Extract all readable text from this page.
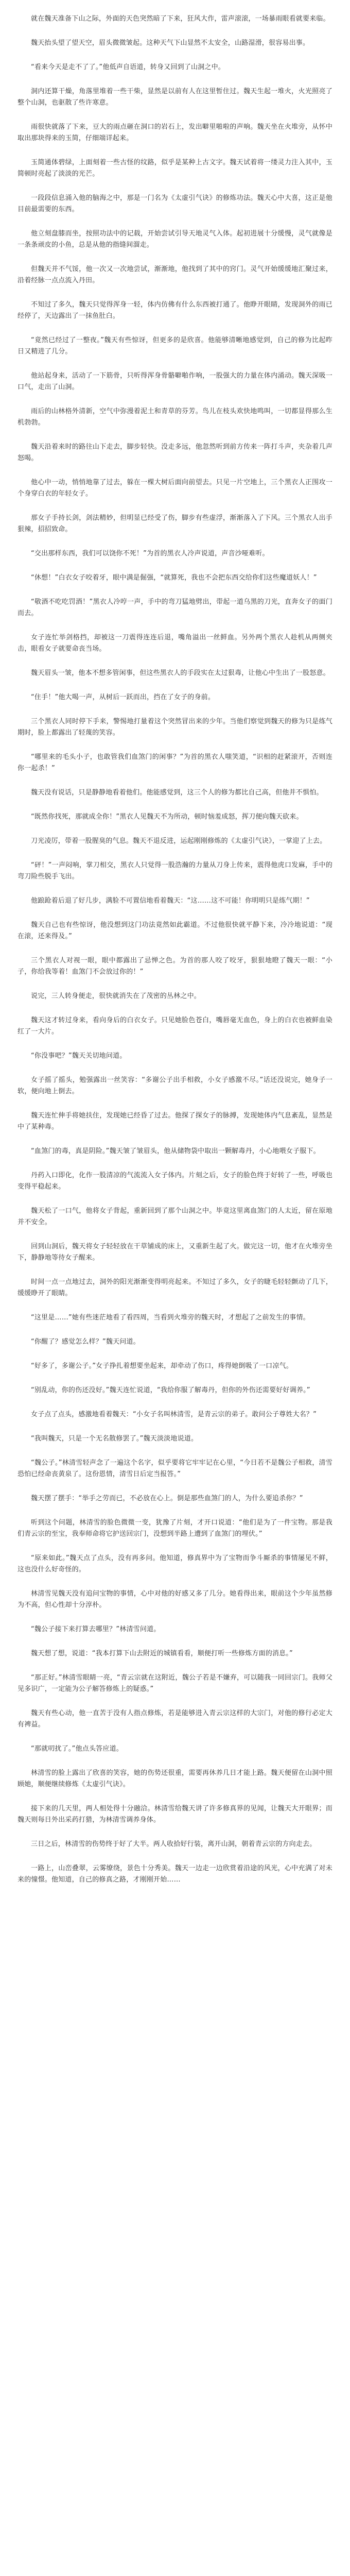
就在魏天准备下山之际，外面的天色突然暗了下来，狂风大作，雷声滚滚，一场暴雨眼看就要来临。

魏天抬头望了望天空，眉头微微皱起。这种天气下山显然不太安全，山路湿滑，很容易出事。

“看来今天是走不了了。”他低声自语道，转身又回到了山洞之中。

洞内还算干燥，角落里堆着一些干柴，显然是以前有人在这里暂住过。魏天生起一堆火，火光照亮了整个山洞，也驱散了些许寒意。

雨很快就落了下来，豆大的雨点砸在洞口的岩石上，发出噼里啪啦的声响。魏天坐在火堆旁，从怀中取出那块得来的玉简，仔细端详起来。

玉简通体碧绿，上面刻着一些古怪的纹路，似乎是某种上古文字。魏天试着将一缕灵力注入其中，玉简顿时亮起了淡淡的光芒。

一段段信息涌入他的脑海之中，那是一门名为《太虚引气诀》的修炼功法。魏天心中大喜，这正是他目前最需要的东西。

他立刻盘膝而坐，按照功法中的记载，开始尝试引导天地灵气入体。起初进展十分缓慢，灵气就像是一条条顽皮的小鱼，总是从他的指缝间溜走。

但魏天并不气馁，他一次又一次地尝试，渐渐地，他找到了其中的窍门。灵气开始缓缓地汇聚过来，沿着经脉一点点流入丹田。

不知过了多久，魏天只觉得浑身一轻，体内仿佛有什么东西被打通了。他睁开眼睛，发现洞外的雨已经停了，天边露出了一抹鱼肚白。

“竟然已经过了一整夜。”魏天有些惊讶，但更多的是欣喜。他能够清晰地感觉到，自己的修为比起昨日又精进了几分。

他站起身来，活动了一下筋骨，只听得浑身骨骼噼啪作响，一股强大的力量在体内涌动。魏天深吸一口气，走出了山洞。

雨后的山林格外清新，空气中弥漫着泥土和青草的芬芳。鸟儿在枝头欢快地鸣叫，一切都显得那么生机勃勃。

魏天沿着来时的路往山下走去，脚步轻快。没走多远，他忽然听到前方传来一阵打斗声，夹杂着几声怒喝。

他心中一动，悄悄地靠了过去，躲在一棵大树后面向前望去。只见一片空地上，三个黑衣人正围攻一个身穿白衣的年轻女子。

那女子手持长剑，剑法精妙，但明显已经受了伤，脚步有些虚浮，渐渐落入了下风。三个黑衣人出手狠辣，招招致命。

“交出那样东西，我们可以饶你不死！”为首的黑衣人冷声说道，声音沙哑难听。

“休想！”白衣女子咬着牙，眼中满是倔强，“就算死，我也不会把东西交给你们这些魔道妖人！”

“敬酒不吃吃罚酒！”黑衣人冷哼一声，手中的弯刀猛地劈出，带起一道乌黑的刀光，直奔女子的面门而去。

女子连忙举剑格挡，却被这一刀震得连连后退，嘴角溢出一丝鲜血。另外两个黑衣人趁机从两侧夹击，眼看女子就要命丧当场。

魏天眉头一皱，他本不想多管闲事，但这些黑衣人的手段实在太过狠毒，让他心中生出了一股怒意。

“住手！”他大喝一声，从树后一跃而出，挡在了女子的身前。

三个黑衣人同时停下手来，警惕地打量着这个突然冒出来的少年。当他们察觉到魏天的修为只是练气期时，脸上都露出了轻蔑的笑容。

“哪里来的毛头小子，也敢管我们血煞门的闲事？”为首的黑衣人嗤笑道，“识相的赶紧滚开，否则连你一起杀！”

魏天没有说话，只是静静地看着他们。他能感觉到，这三个人的修为都比自己高，但他并不惧怕。

“既然你找死，那就成全你！”黑衣人见魏天不为所动，顿时恼羞成怒，挥刀便向魏天砍来。

刀光凌厉，带着一股腥臭的气息。魏天不退反进，运起刚刚修炼的《太虚引气诀》，一掌迎了上去。

“砰！”一声闷响，掌刀相交，黑衣人只觉得一股浩瀚的力量从刀身上传来，震得他虎口发麻，手中的弯刀险些脱手飞出。

他踉跄着后退了好几步，满脸不可置信地看着魏天：“这……这不可能！你明明只是练气期！”

魏天自己也有些惊讶，他没想到这门功法竟然如此霸道。不过他很快就平静下来，冷冷地说道：“现在滚，还来得及。”

三个黑衣人对视一眼，眼中都露出了忌惮之色。为首的那人咬了咬牙，狠狠地瞪了魏天一眼：“小子，你给我等着！血煞门不会放过你的！”

说完，三人转身便走，很快就消失在了茂密的丛林之中。

魏天这才转过身来，看向身后的白衣女子。只见她脸色苍白，嘴唇毫无血色，身上的白衣也被鲜血染红了一大片。

“你没事吧？”魏天关切地问道。

女子摇了摇头，勉强露出一丝笑容：“多谢公子出手相救，小女子感激不尽。”话还没说完，她身子一软，便向地上倒去。

魏天连忙伸手将她扶住，发现她已经昏了过去。他探了探女子的脉搏，发现她体内气息紊乱，显然是中了某种毒。

“血煞门的毒，真是阴险。”魏天皱了皱眉头，他从储物袋中取出一颗解毒丹，小心地喂女子服下。

丹药入口即化，化作一股清凉的气流流入女子体内。片刻之后，女子的脸色终于好转了一些，呼吸也变得平稳起来。

魏天松了一口气，他将女子背起，重新回到了那个山洞之中。毕竟这里离血煞门的人太近，留在原地并不安全。

回到山洞后，魏天将女子轻轻放在干草铺成的床上，又重新生起了火。做完这一切，他才在火堆旁坐下，静静地等待女子醒来。

时间一点一点地过去，洞外的阳光渐渐变得明亮起来。不知过了多久，女子的睫毛轻轻颤动了几下，缓缓睁开了眼睛。

“这里是……”她有些迷茫地看了看四周，当看到火堆旁的魏天时，才想起了之前发生的事情。

“你醒了？感觉怎么样？”魏天问道。

“好多了，多谢公子。”女子挣扎着想要坐起来，却牵动了伤口，疼得她倒吸了一口凉气。

“别乱动，你的伤还没好。”魏天连忙说道，“我给你服了解毒丹，但你的外伤还需要好好调养。”

女子点了点头，感激地看着魏天：“小女子名叫林清雪，是青云宗的弟子。敢问公子尊姓大名？”

“我叫魏天，只是一个无名散修罢了。”魏天淡淡地说道。

“魏公子。”林清雪轻声念了一遍这个名字，似乎要将它牢牢记在心里，“今日若不是魏公子相救，清雪恐怕已经命丧黄泉了。这份恩情，清雪日后定当报答。”

魏天摆了摆手：“举手之劳而已，不必放在心上。倒是那些血煞门的人，为什么要追杀你？”

听到这个问题，林清雪的脸色微微一变，犹豫了片刻，才开口说道：“他们是为了一件宝物。那是我们青云宗的至宝，我奉师命将它护送回宗门，没想到半路上遭到了血煞门的埋伏。”

“原来如此。”魏天点了点头，没有再多问。他知道，修真界中为了宝物而争斗厮杀的事情屡见不鲜，这也没什么好奇怪的。

林清雪见魏天没有追问宝物的事情，心中对他的好感又多了几分。她看得出来，眼前这个少年虽然修为不高，但心性却十分淳朴。

“魏公子接下来打算去哪里？”林清雪问道。

魏天想了想，说道：“我本打算下山去附近的城镇看看，顺便打听一些修炼方面的消息。”

“那正好。”林清雪眼睛一亮，“青云宗就在这附近，魏公子若是不嫌弃，可以随我一同回宗门。我师父见多识广，一定能为公子解答修炼上的疑惑。”

魏天有些心动，他一直苦于没有人指点修炼，若是能够进入青云宗这样的大宗门，对他的修行必定大有裨益。

“那就叨扰了。”他点头答应道。

林清雪的脸上露出了欣喜的笑容，她的伤势还很重，需要再休养几日才能上路。魏天便留在山洞中照顾她，顺便继续修炼《太虚引气诀》。

接下来的几天里，两人相处得十分融洽。林清雪给魏天讲了许多修真界的见闻，让魏天大开眼界；而魏天则每日外出采药打猎，为林清雪调养身体。

三日之后，林清雪的伤势终于好了大半。两人收拾好行装，离开山洞，朝着青云宗的方向走去。

一路上，山峦叠翠，云雾缭绕，景色十分秀美。魏天一边走一边欣赏着沿途的风光，心中充满了对未来的憧憬。他知道，自己的修真之路，才刚刚开始……
